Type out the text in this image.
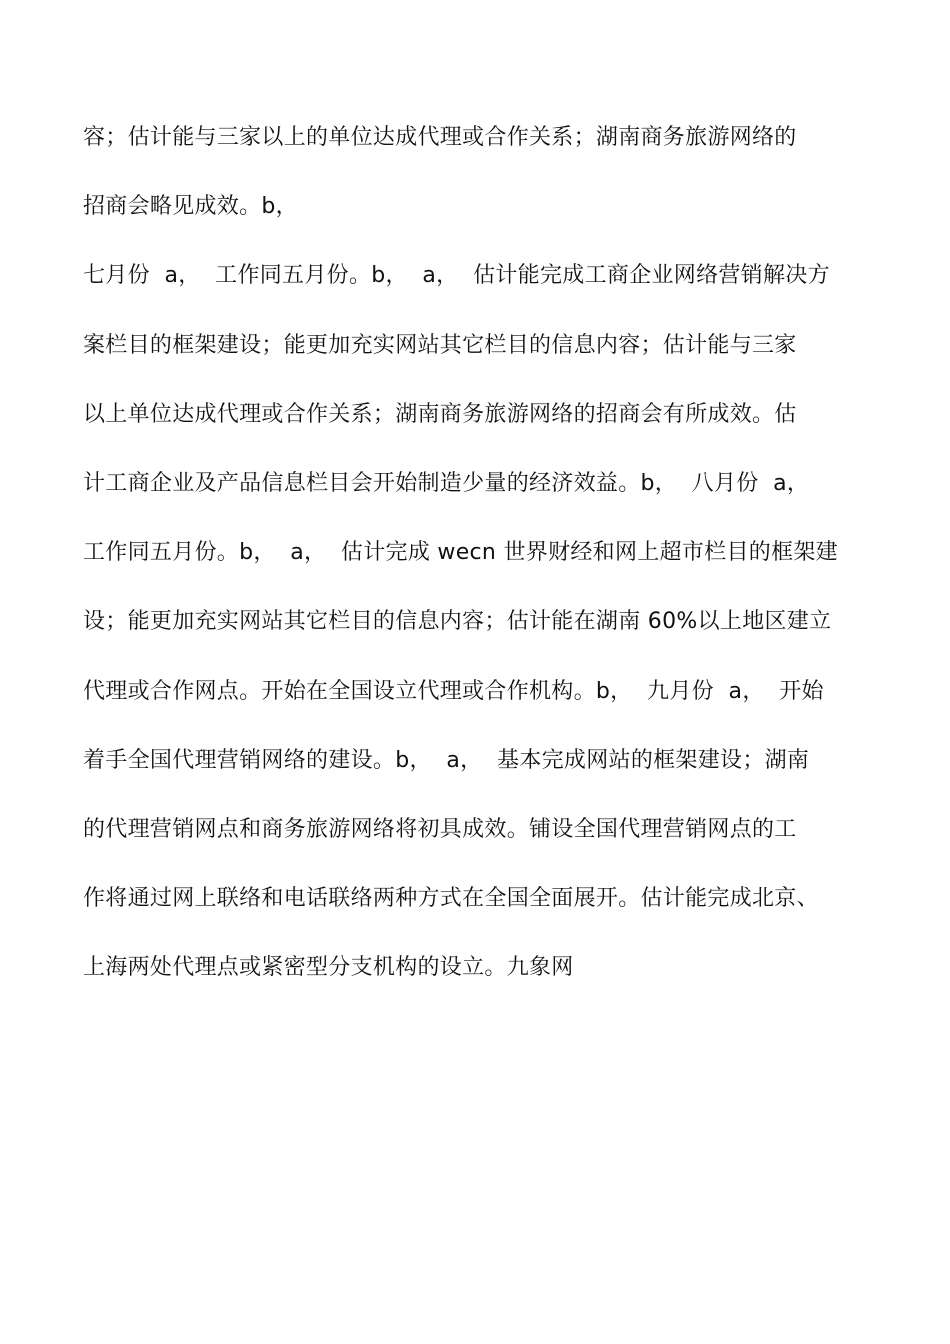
容；估计能与三家以上的单位达成代理或合作关系；湖南商务旅游网络的
招商会略见成效。b，
七月份  a，  工作同五月份。b，  a，  估计能完成工商企业网络营销解决方
案栏目的框架建设；能更加充实网站其它栏目的信息内容；估计能与三家
以上单位达成代理或合作关系；湖南商务旅游网络的招商会有所成效。估
计工商企业及产品信息栏目会开始制造少量的经济效益。b，  八月份  a，
工作同五月份。b，  a，  估计完成 wecn 世界财经和网上超市栏目的框架建
设；能更加充实网站其它栏目的信息内容；估计能在湖南 60%以上地区建立
代理或合作网点。开始在全国设立代理或合作机构。b，  九月份  a，  开始
着手全国代理营销网络的建设。b，  a，  基本完成网站的框架建设；湖南
的代理营销网点和商务旅游网络将初具成效。铺设全国代理营销网点的工
作将通过网上联络和电话联络两种方式在全国全面展开。估计能完成北京、
上海两处代理点或紧密型分支机构的设立。九象网
